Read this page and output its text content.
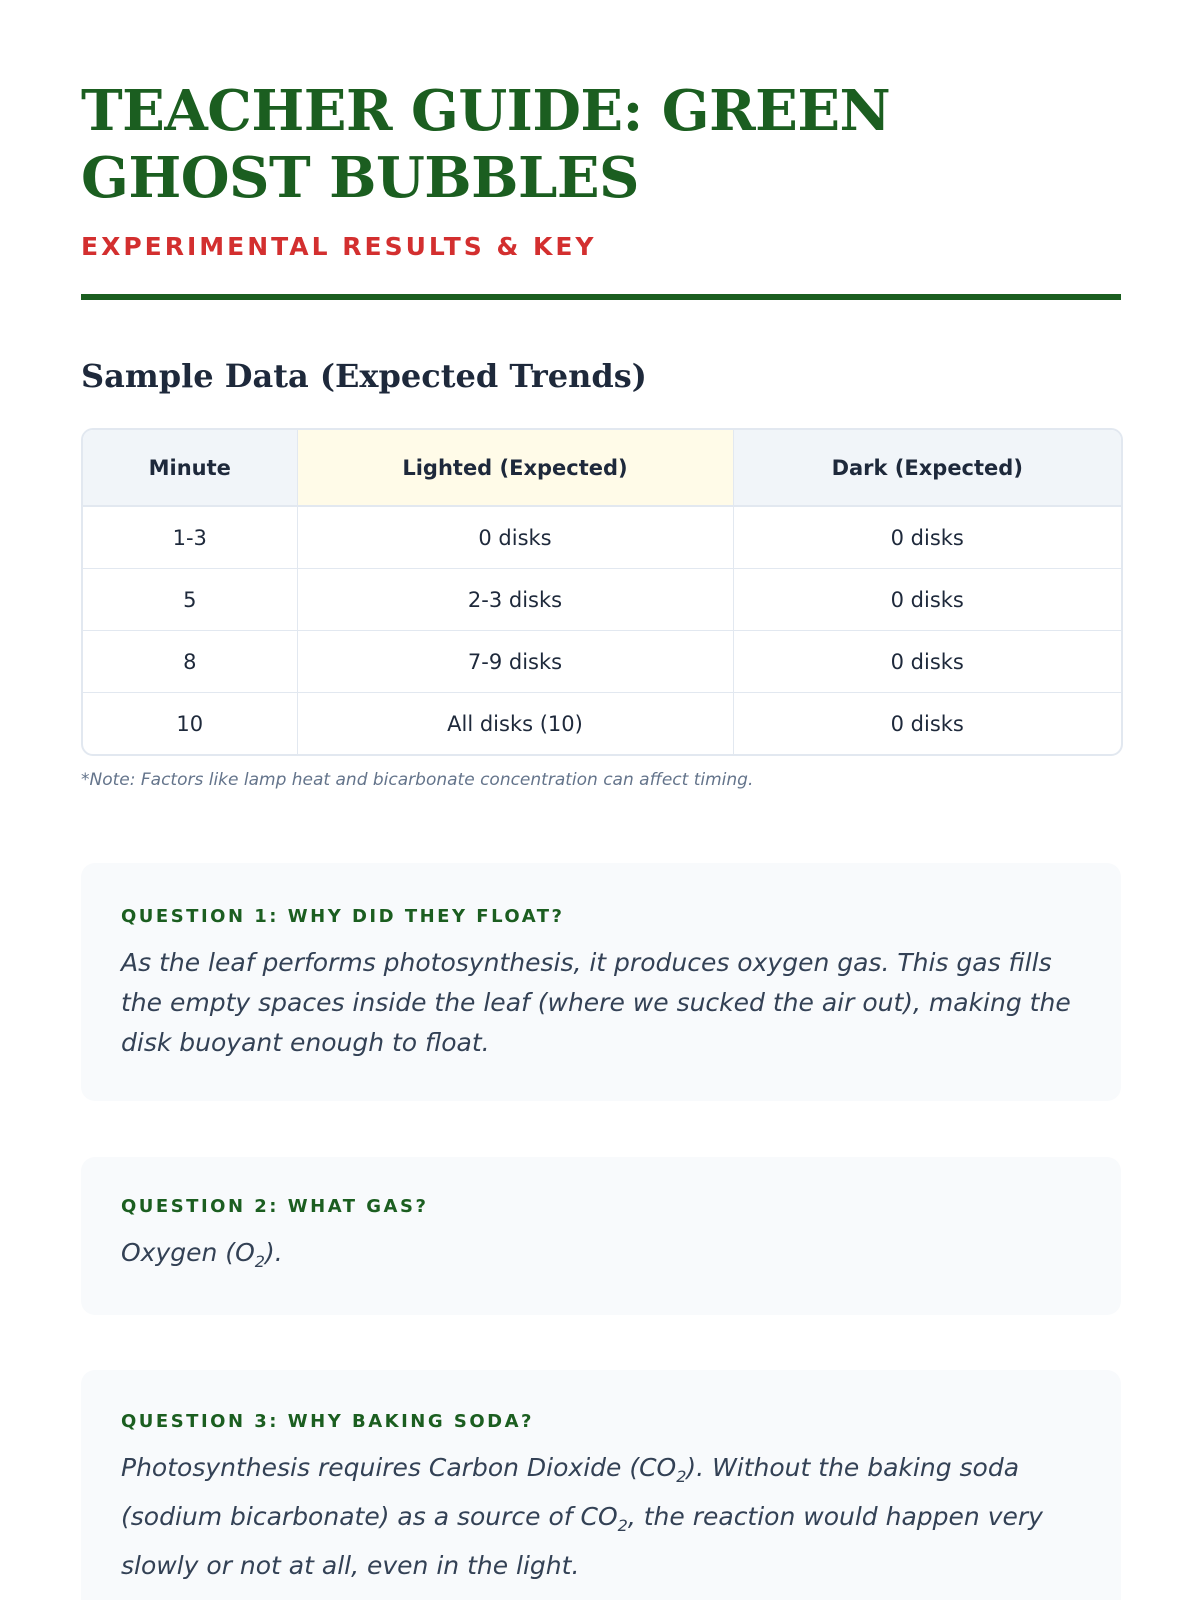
TEACHER GUIDE: GREEN GHOST BUBBLES
EXPERIMENTAL RESULTS & KEY
Sample Data (Expected Trends)
Minute	Lighted (Expected)	Dark (Expected)
1-3	0 disks	0 disks
5	2-3 disks	0 disks
8	7-9 disks	0 disks
10	All disks (10)	0 disks

*Note: Factors like lamp heat and bicarbonate concentration can affect timing.

QUESTION 1: WHY DID THEY FLOAT?

As the leaf performs photosynthesis, it produces oxygen gas. This gas fills the empty spaces inside the leaf (where we sucked the air out), making the disk buoyant enough to float.

QUESTION 2: WHAT GAS?

Oxygen $(O_2)$.

QUESTION 3: WHY BAKING SODA?

Photosynthesis requires Carbon Dioxide $(CO_2)$. Without the baking soda (sodium bicarbonate) as a source of $CO_2$, the reaction would happen very slowly or not at all, even in the light.
